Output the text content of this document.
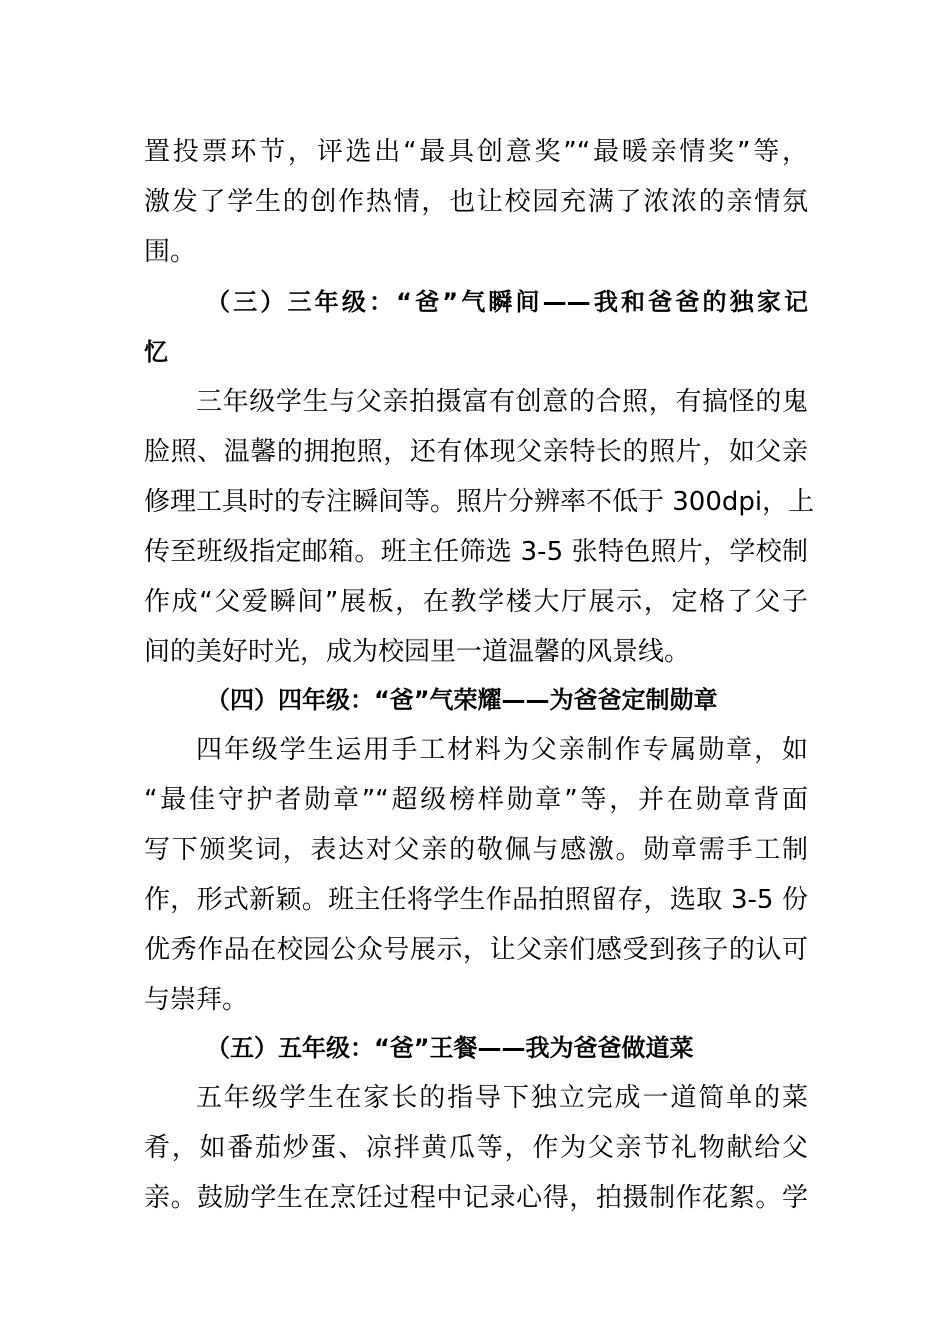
置投票环节，评选出“最具创意奖”“最暖亲情奖”等，
激发了学生的创作热情，也让校园充满了浓浓的亲情氛
围。
（三）三年级：“爸”气瞬间——我和爸爸的独家记
忆
三年级学生与父亲拍摄富有创意的合照，有搞怪的鬼
脸照、温馨的拥抱照，还有体现父亲特长的照片，如父亲
修理工具时的专注瞬间等。照片分辨率不低于 300dpi，上
传至班级指定邮箱。班主任筛选 3-5 张特色照片，学校制
作成“父爱瞬间”展板，在教学楼大厅展示，定格了父子
间的美好时光，成为校园里一道温馨的风景线。
（四）四年级：“爸”气荣耀——为爸爸定制勋章
四年级学生运用手工材料为父亲制作专属勋章，如
“最佳守护者勋章”“超级榜样勋章”等，并在勋章背面
写下颁奖词，表达对父亲的敬佩与感激。勋章需手工制
作，形式新颖。班主任将学生作品拍照留存，选取 3-5 份
优秀作品在校园公众号展示，让父亲们感受到孩子的认可
与崇拜。
（五）五年级：“爸”王餐——我为爸爸做道菜
五年级学生在家长的指导下独立完成一道简单的菜
肴，如番茄炒蛋、凉拌黄瓜等，作为父亲节礼物献给父
亲。鼓励学生在烹饪过程中记录心得，拍摄制作花絮。学
